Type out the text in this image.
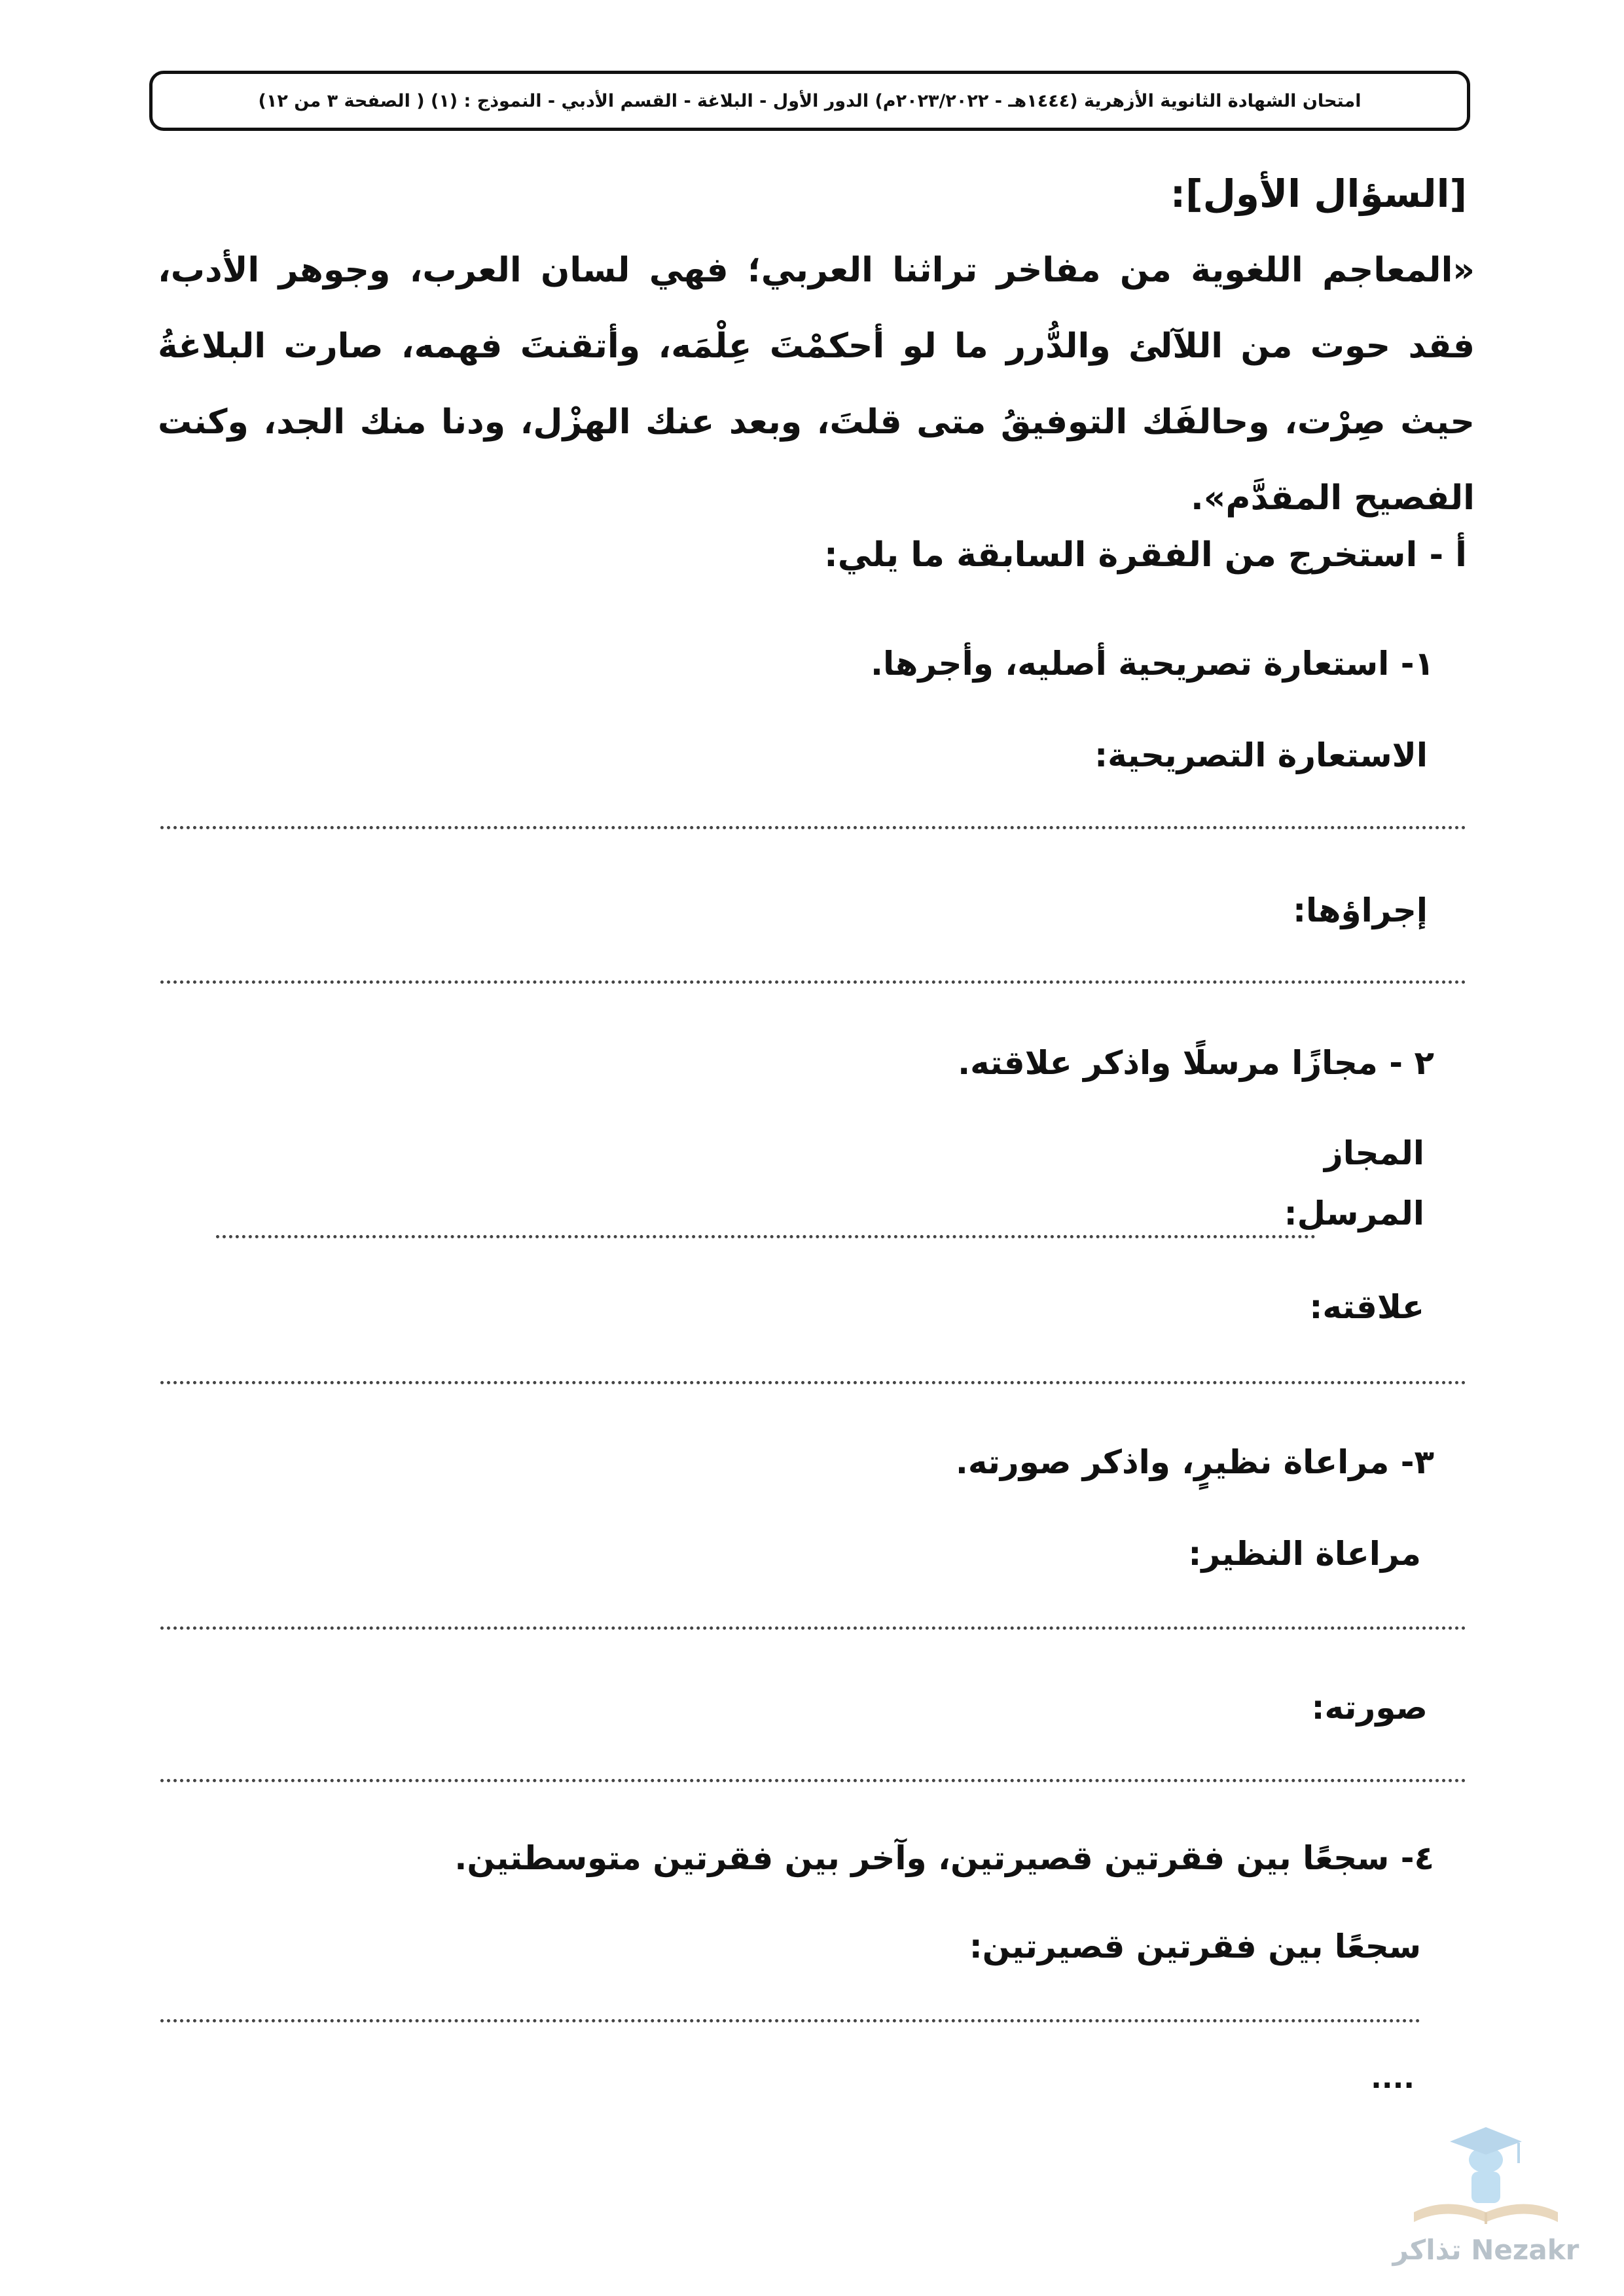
امتحان الشهادة الثانوية الأزهرية (١٤٤٤هـ - ٢٠٢٣/٢٠٢٢م) الدور الأول - البلاغة - القسم الأدبي - النموذج : (١) ( الصفحة ٣ من ١٢)
[السؤال الأول]:
«المعاجم اللغوية من مفاخر تراثنا العربي؛ فهي لسان العرب، وجوهر الأدب، فقد حوت من اللآلئ والدُّرر ما لو أحكمْتَ عِلْمَه، وأتقنتَ فهمه، صارت البلاغةُ حيث صِرْت، وحالفَك التوفيقُ متى قلتَ، وبعد عنك الهزْل، ودنا منك الجد، وكنت الفصيح المقدَّم».
أ - استخرج من الفقرة السابقة ما يلي:
١- استعارة تصريحية أصليه، وأجرها.
الاستعارة التصريحية:
إجراؤها:
٢ - مجازًا مرسلًا واذكر علاقته.
المجاز
المرسل:
علاقته:
٣- مراعاة نظيرٍ، واذكر صورته.
مراعاة النظير:
صورته:
٤- سجعًا بين فقرتين قصيرتين، وآخر بين فقرتين متوسطتين.
سجعًا بين فقرتين قصيرتين:
....
Nezakr تذاكر
